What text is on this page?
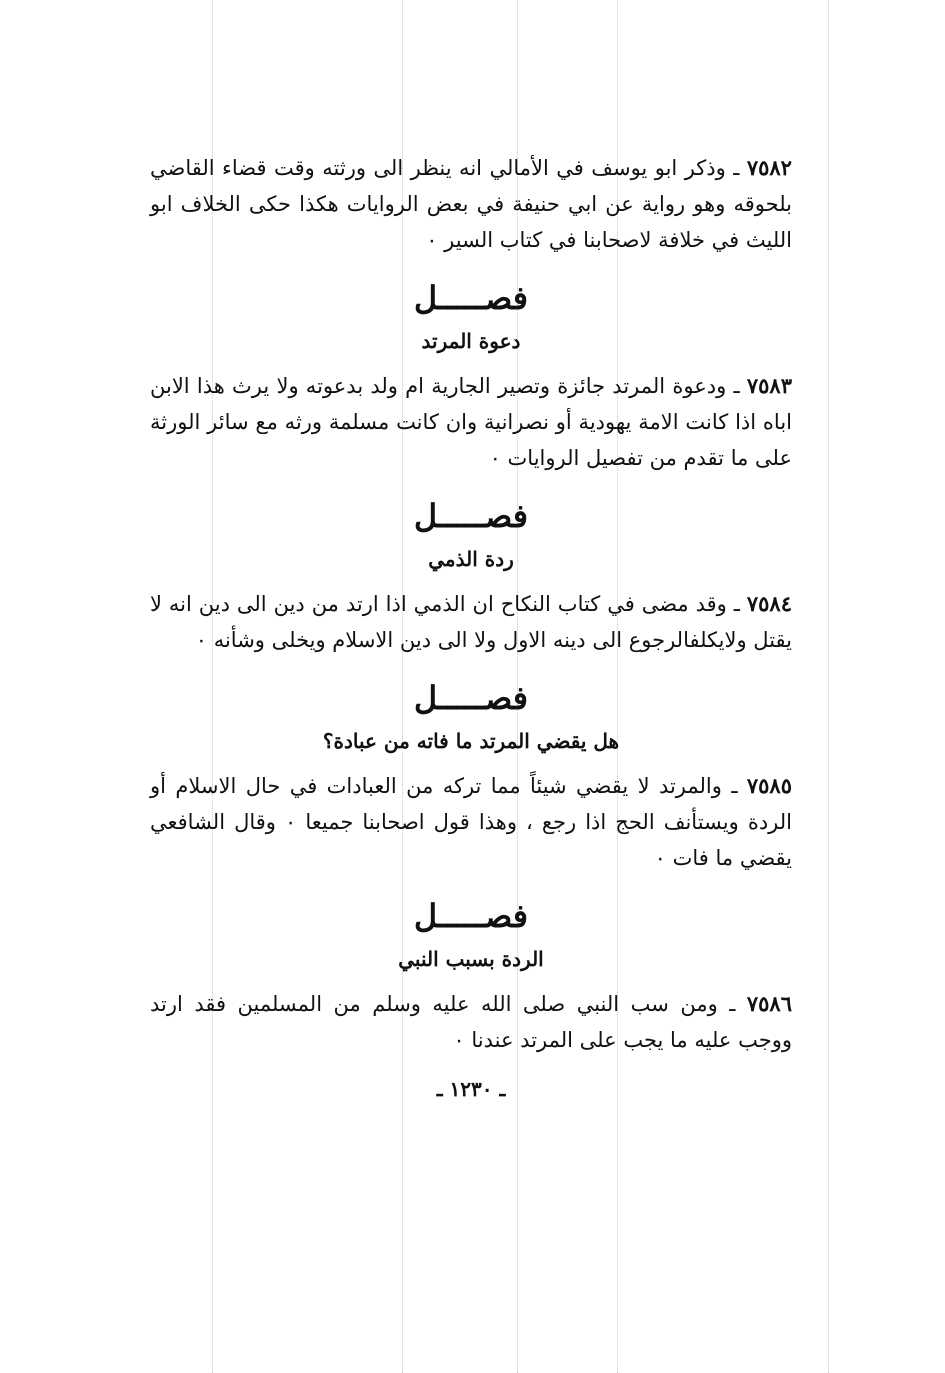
٧٥٨٢ ـ وذكر ابو يوسف في الأمالي انه ينظر الى ورثته وقت قضاء القاضي بلحوقه وهو رواية عن ابي حنيفة في بعض الروايات هكذا حكى الخلاف ابو الليث في خلافة لاصحابنا في كتاب السير ٠

فصـــــل
دعوة المرتد

٧٥٨٣ ـ ودعوة المرتد جائزة وتصير الجارية ام ولد بدعوته ولا يرث هذا الابن اباه اذا كانت الامة يهودية أو نصرانية وان كانت مسلمة ورثه مع سائر الورثة على ما تقدم من تفصيل الروايات ٠

فصـــــل
ردة الذمي

٧٥٨٤ ـ وقد مضى في كتاب النكاح ان الذمي اذا ارتد من دين الى دين انه لا يقتل ولايكلفالرجوع الى دينه الاول ولا الى دين الاسلام ويخلى وشأنه ٠

فصـــــل
هل يقضي المرتد ما فاته من عبادة؟

٧٥٨٥ ـ والمرتد لا يقضي شيئاً مما تركه من العبادات في حال الاسلام أو الردة ويستأنف الحج اذا رجع ، وهذا قول اصحابنا جميعا ٠ وقال الشافعي يقضي ما فات ٠

فصـــــل
الردة بسبب النبي

٧٥٨٦ ـ ومن سب النبي صلى الله عليه وسلم من المسلمين فقد ارتد ووجب عليه ما يجب على المرتد عندنا ٠

ـ ١٢٣٠ ـ
